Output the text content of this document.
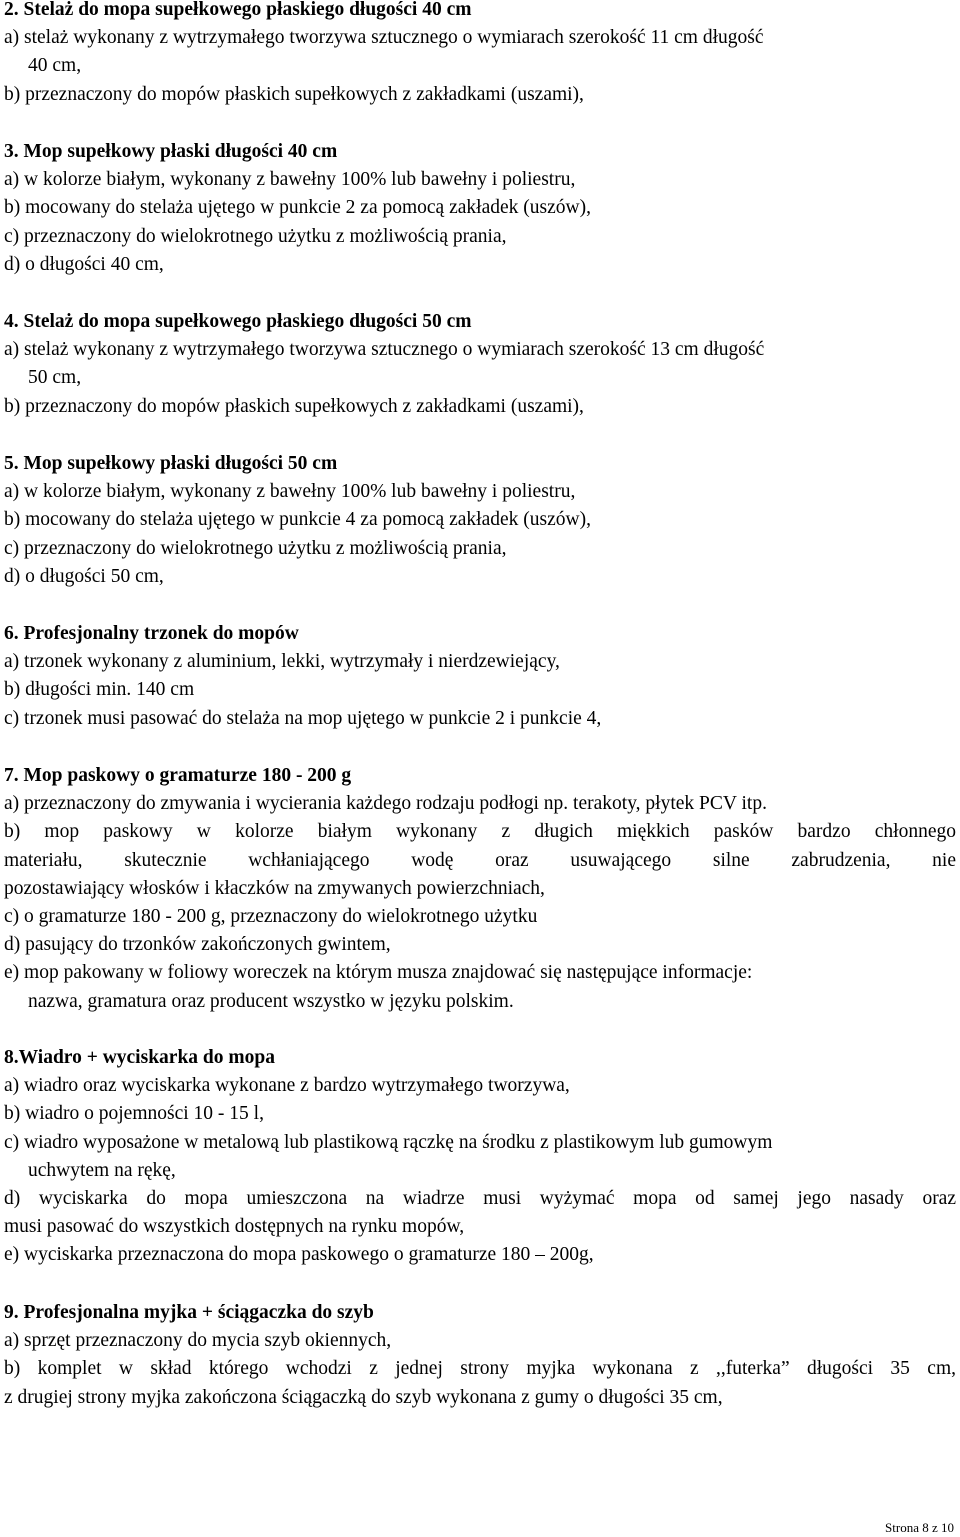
2. Stelaż do mopa supełkowego płaskiego długości 40 cm
a) stelaż wykonany z wytrzymałego tworzywa sztucznego o wymiarach szerokość 11 cm długość
40 cm,
b) przeznaczony do mopów płaskich supełkowych z zakładkami (uszami),
3. Mop supełkowy płaski długości 40 cm
a) w kolorze białym, wykonany z bawełny 100% lub bawełny i poliestru,
b) mocowany do stelaża ujętego w punkcie 2 za pomocą zakładek (uszów),
c) przeznaczony do wielokrotnego użytku z możliwością prania,
d) o długości 40 cm,
4. Stelaż do mopa supełkowego płaskiego długości 50 cm
a) stelaż wykonany z wytrzymałego tworzywa sztucznego o wymiarach szerokość 13 cm długość
50 cm,
b) przeznaczony do mopów płaskich supełkowych z zakładkami (uszami),
5. Mop supełkowy płaski długości 50 cm
a) w kolorze białym, wykonany z bawełny 100% lub bawełny i poliestru,
b) mocowany do stelaża ujętego w punkcie 4 za pomocą zakładek (uszów),
c) przeznaczony do wielokrotnego użytku z możliwością prania,
d) o długości 50 cm,
6. Profesjonalny trzonek do mopów
a) trzonek wykonany z aluminium, lekki, wytrzymały i nierdzewiejący,
b) długości min. 140 cm
c) trzonek musi pasować do stelaża na mop ujętego w punkcie 2 i punkcie 4,
7. Mop paskowy o gramaturze 180 - 200 g
a) przeznaczony do zmywania i wycierania każdego rodzaju podłogi np. terakoty, płytek PCV itp.
b) mop paskowy w kolorze białym wykonany z długich miękkich pasków bardzo chłonnego
materiału, skutecznie wchłaniającego wodę oraz usuwającego silne zabrudzenia, nie
pozostawiający włosków i kłaczków na zmywanych powierzchniach,
c) o gramaturze 180 - 200 g, przeznaczony do wielokrotnego użytku
d) pasujący do trzonków zakończonych gwintem,
e) mop pakowany w foliowy woreczek na którym musza znajdować się następujące informacje:
nazwa, gramatura oraz producent wszystko w języku polskim.
8.Wiadro + wyciskarka do mopa
a) wiadro oraz wyciskarka wykonane z bardzo wytrzymałego tworzywa,
b) wiadro o pojemności 10 - 15 l,
c) wiadro wyposażone w metalową lub plastikową rączkę na środku z plastikowym lub gumowym
uchwytem na rękę,
d) wyciskarka do mopa umieszczona na wiadrze musi wyżymać mopa od samej jego nasady oraz
musi pasować do wszystkich dostępnych na rynku mopów,
e) wyciskarka przeznaczona do mopa paskowego o gramaturze 180 – 200g,
9. Profesjonalna myjka + ściągaczka do szyb
a) sprzęt przeznaczony do mycia szyb okiennych,
b) komplet w skład którego wchodzi z jednej strony myjka wykonana z ,,futerka” długości 35 cm,
z drugiej strony myjka zakończona ściągaczką do szyb wykonana z gumy o długości 35 cm,
Strona 8 z 10
